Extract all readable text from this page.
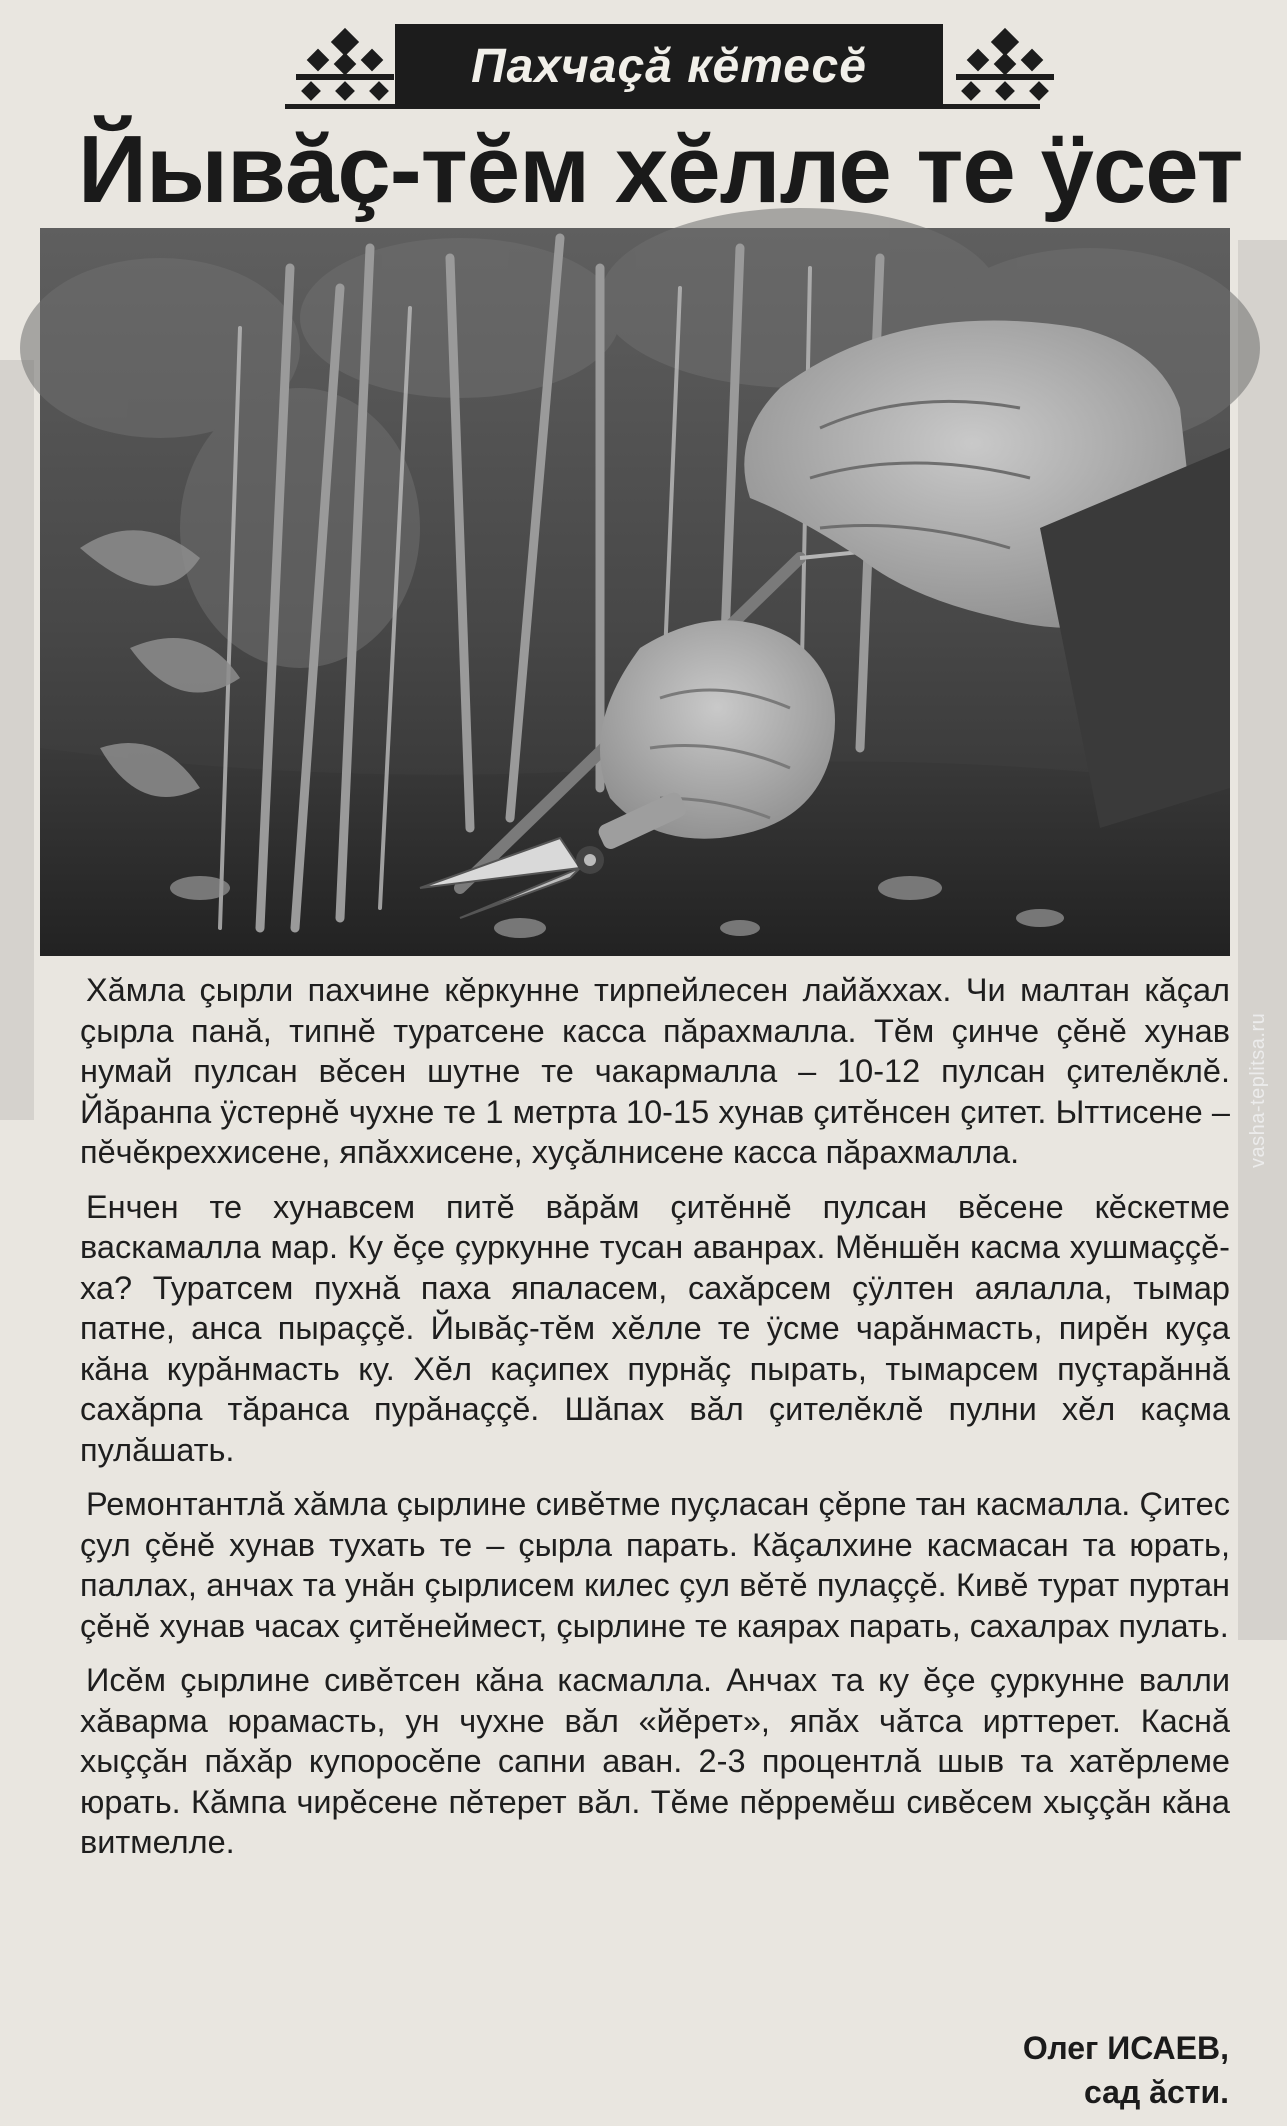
Пахчаçă кĕтесĕ
Йывăç-тĕм хĕлле те ÿсет
vasha-teplitsa.ru

Хăмла çырли пахчине кĕркунне тирпейлесен лайăххах. Чи малтан кăçал çырла панă, типнĕ туратсене касса пăрахмалла. Тĕм çинче çĕнĕ хунав нумай пулсан вĕсен шутне те чакармалла – 10-12 пулсан çителĕклĕ. Йăранпа ÿстернĕ чухне те 1 метрта 10-15 хунав çитĕнсен çитет. Ыттисене – пĕчĕкреххисене, япăххисене, хуçăлнисене касса пăрахмалла.

Енчен те хунавсем питĕ вăрăм çитĕннĕ пулсан вĕсене кĕскетме васкамалла мар. Ку ĕçе çуркунне тусан аванрах. Мĕншĕн касма хушмаççĕ-ха? Туратсем пухнă паха япаласем, сахăрсем çÿлтен аялалла, тымар патне, анса пыраççĕ. Йывăç-тĕм хĕлле те ÿсме чарăнмасть, пирĕн куçа кăна курăнмасть ку. Хĕл каçипех пурнăç пырать, тымарсем пуçтарăннă сахăрпа тăранса пурăнаççĕ. Шăпах вăл çителĕклĕ пулни хĕл каçма пулăшать.

Ремонтантлă хăмла çырлине сивĕтме пуçласан çĕрпе тан касмалла. Çитес çул çĕнĕ хунав тухать те – çырла парать. Кăçалхине касмасан та юрать, паллах, анчах та унăн çырлисем килес çул вĕтĕ пулаççĕ. Кивĕ турат пуртан çĕнĕ хунав часах çитĕнеймест, çырлине те каярах парать, сахалрах пулать.

Исĕм çырлине сивĕтсен кăна касмалла. Анчах та ку ĕçе çуркунне валли хăварма юрамасть, ун чухне вăл «йĕрет», япăх чăтса ирттерет. Каснă хыççăн пăхăр купоросĕпе сапни аван. 2-3 процентлă шыв та хатĕрлеме юрать. Кăмпа чирĕсене пĕтерет вăл. Тĕме пĕрремĕш сивĕсем хыççăн кăна витмелле.

Олег ИСАЕВ,
сад ăсти.
